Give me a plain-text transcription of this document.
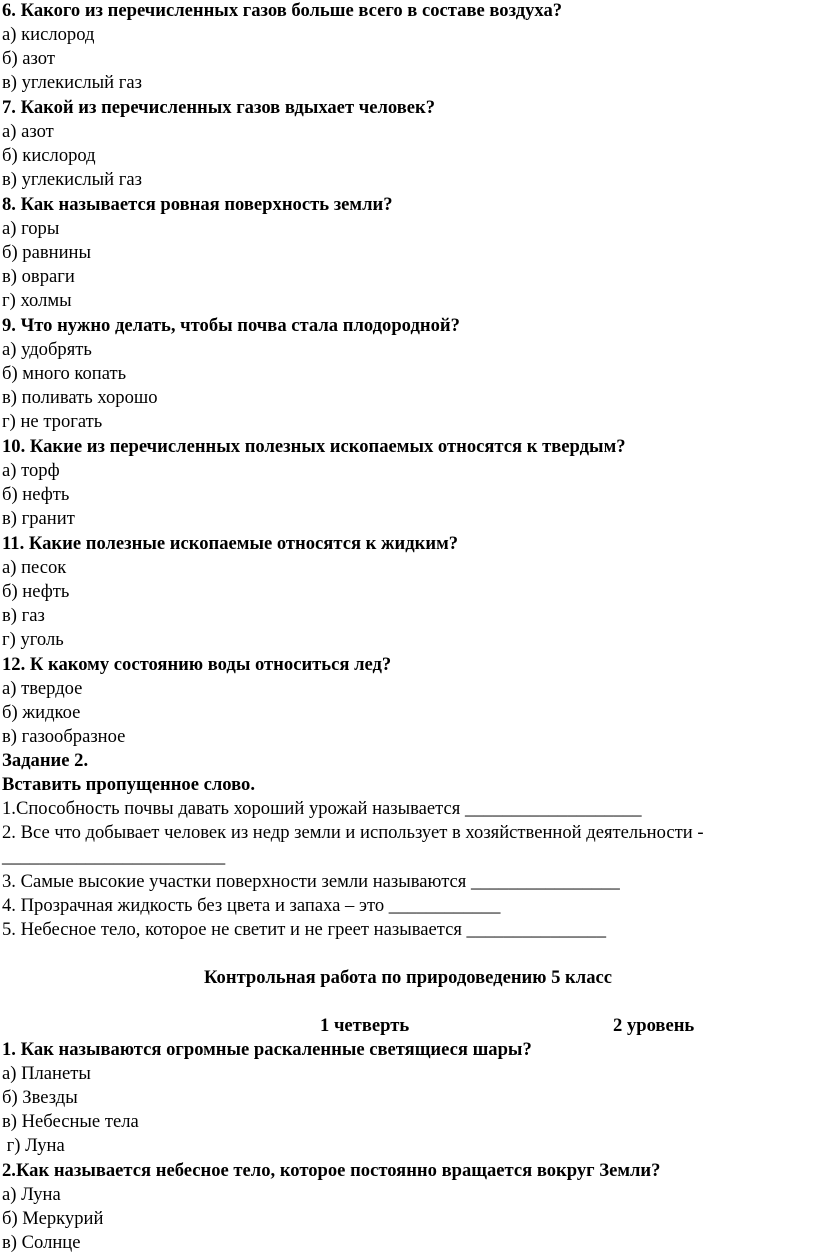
6. Какого из перечисленных газов больше всего в составе воздуха?
а) кислород
б) азот
в) углекислый газ
7. Какой из перечисленных газов вдыхает человек?
а) азот
б) кислород
в) углекислый газ
8. Как называется ровная поверхность земли?
а) горы
б) равнины
в) овраги
г) холмы
9. Что нужно делать, чтобы почва стала плодородной?
а) удобрять
б) много копать
в) поливать хорошо
г) не трогать
10. Какие из перечисленных полезных ископаемых относятся к твердым?
а) торф
б) нефть
в) гранит
11. Какие полезные ископаемые относятся к жидким?
а) песок
б) нефть
в) газ
г) уголь
12. К какому состоянию воды относиться лед?
а) твердое
б) жидкое
в) газообразное
Задание 2.
Вставить пропущенное слово.
1.Способность почвы давать хороший урожай называется ___________________
2. Все что добывает человек из недр земли и использует в хозяйственной деятельности -
________________________
3. Самые высокие участки поверхности земли называются ________________
4. Прозрачная жидкость без цвета и запаха – это ____________
5. Небесное тело, которое не светит и не греет называется _______________
Контрольная работа по природоведению 5 класс
1 четверть	2 уровень
1. Как называются огромные раскаленные светящиеся шары?
а) Планеты
б) Звезды
в) Небесные тела
г) Луна
2.Как называется небесное тело, которое постоянно вращается вокруг Земли?
а) Луна
б) Меркурий
в) Солнце
